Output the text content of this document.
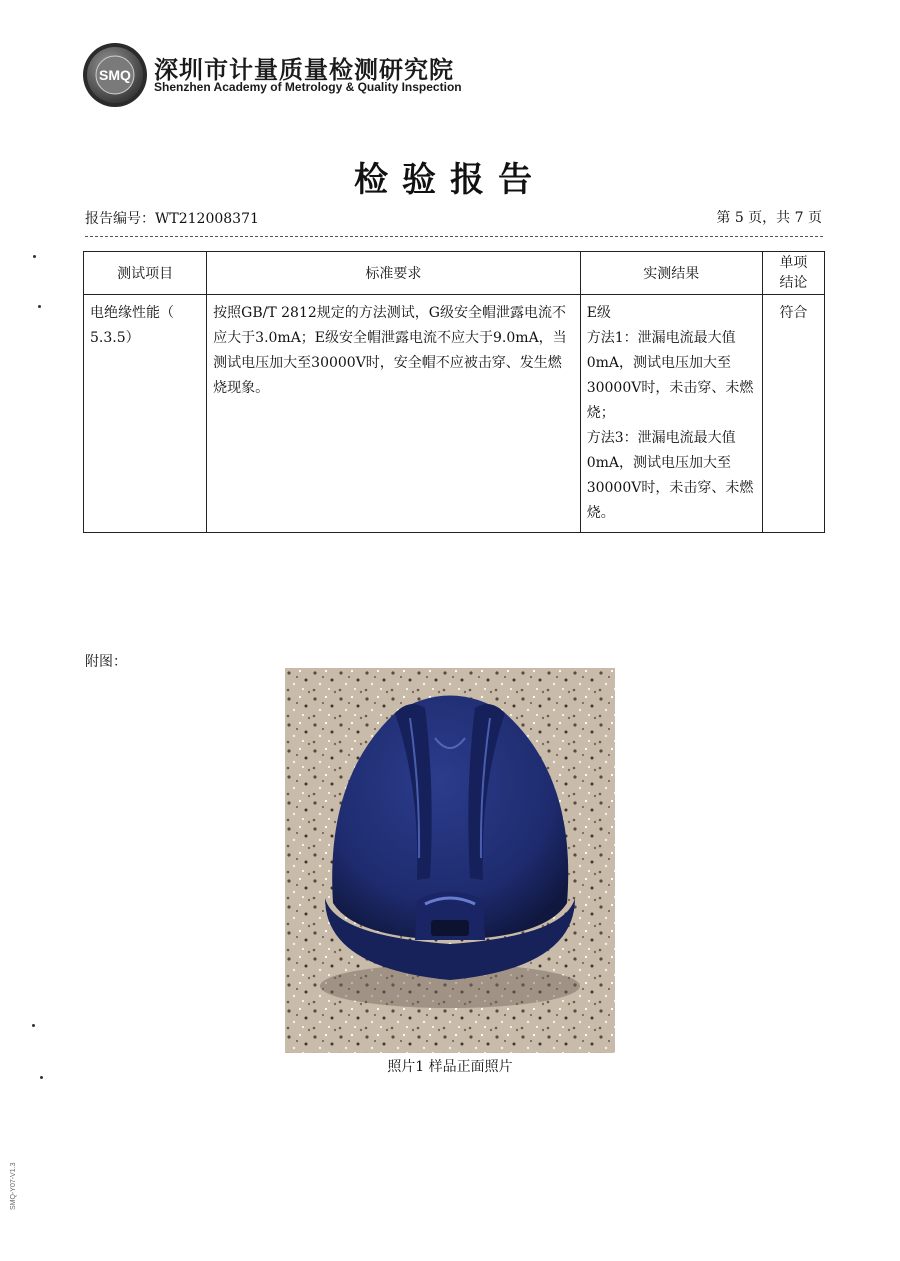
SMQ 深圳市计量质量检测研究院
Shenzhen Academy of Metrology & Quality Inspection
检验报告
报告编号：WT212008371	第 5 页，共 7 页
测试项目	标准要求	实测结果	单项结论

电绝缘性能（
5.3.5）	按照GB/T 2812规定的方法测试，G级安全帽泄露电流不应大于3.0mA；E级安全帽泄露电流不应大于9.0mA，当测试电压加大至30000V时，安全帽不应被击穿、发生燃烧现象。	E级
方法1：泄漏电流最大值0mA，测试电压加大至30000V时，未击穿、未燃烧；
方法3：泄漏电流最大值0mA，测试电压加大至30000V时，未击穿、未燃烧。	符合
附图：
照片1 样品正面照片
SMQ-Y07-V1.3
